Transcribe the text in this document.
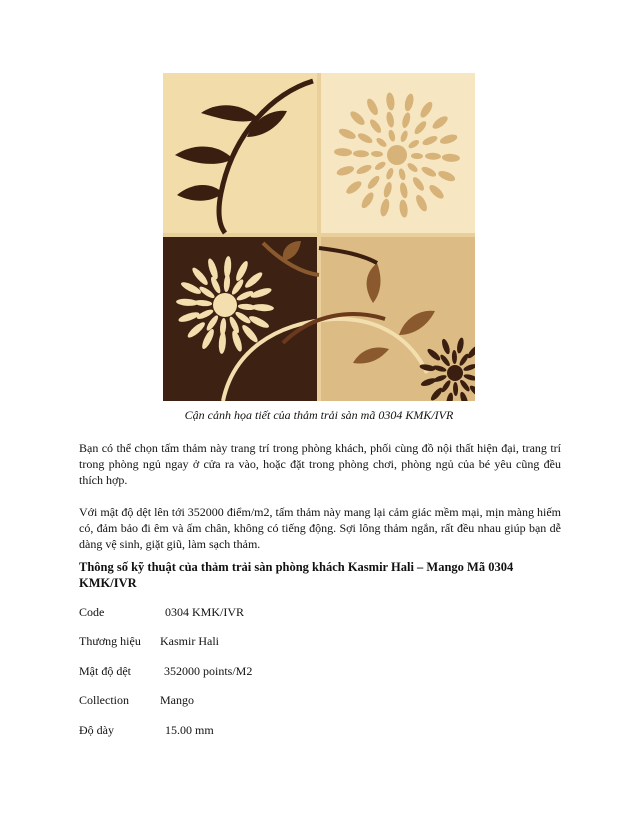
Cận cảnh họa tiết của thảm trải sàn mã 0304 KMK/IVR

Bạn có thể chọn tấm thảm này trang trí trong phòng khách, phối cùng đồ nội thất hiện đại, trang trí trong phòng ngủ ngay ở cửa ra vào, hoặc đặt trong phòng chơi, phòng ngủ của bé yêu cũng đều thích hợp.

Với mật độ dệt lên tới 352000 điểm/m2, tấm thảm này mang lại cảm giác mềm mại, mịn màng hiếm có, đảm bảo đi êm và ấm chân, không có tiếng động. Sợi lông thảm ngắn, rất đều nhau giúp bạn dễ dàng vệ sinh, giặt giũ, làm sạch thảm.

Thông số kỹ thuật của thảm trải sàn phòng khách Kasmir Hali – Mango Mã 0304 KMK/IVR

Code	0304 KMK/IVR
Thương hiệu Kasmir Hali
Mật độ dệt	352000 points/M2
Collection	Mango
Độ dày	15.00 mm
